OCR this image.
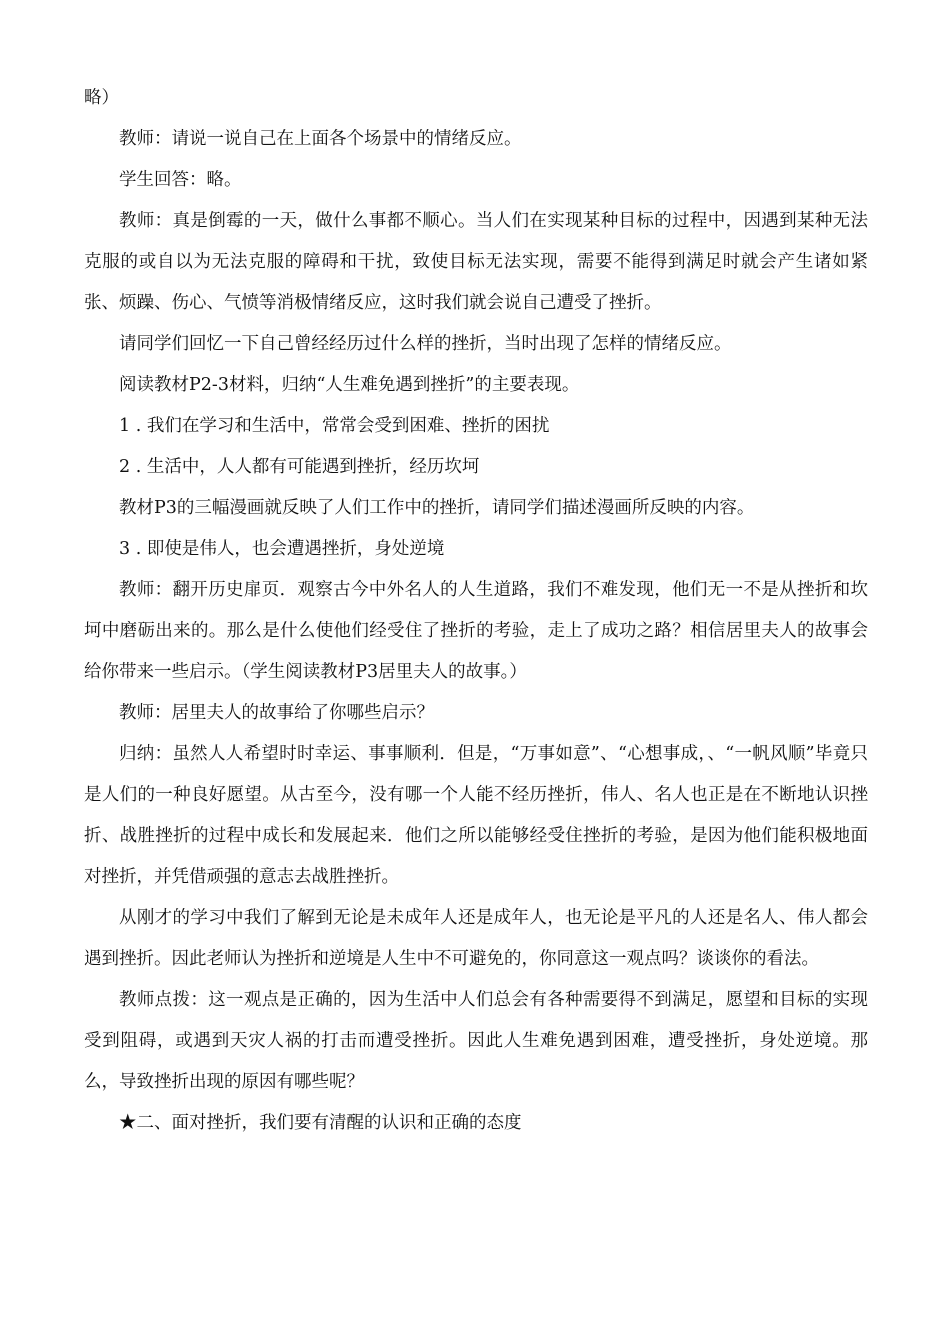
略）

教师：请说一说自己在上面各个场景中的情绪反应。

学生回答：略。

教师：真是倒霉的一天，做什么事都不顺心。当人们在实现某种目标的过程中，因遇到某种无法克服的或自以为无法克服的障碍和干扰，致使目标无法实现，需要不能得到满足时就会产生诸如紧张、烦躁、伤心、气愤等消极情绪反应，这时我们就会说自己遭受了挫折。

请同学们回忆一下自己曾经经历过什么样的挫折，当时出现了怎样的情绪反应。

阅读教材P2-3材料，归纳“人生难免遇到挫折”的主要表现。

1 . 我们在学习和生活中，常常会受到困难、挫折的困扰

2 . 生活中，人人都有可能遇到挫折，经历坎坷

教材P3的三幅漫画就反映了人们工作中的挫折，请同学们描述漫画所反映的内容。

3 . 即使是伟人，也会遭遇挫折，身处逆境

教师：翻开历史扉页．观察古今中外名人的人生道路，我们不难发现，他们无一不是从挫折和坎坷中磨砺出来的。那么是什么使他们经受住了挫折的考验，走上了成功之路？相信居里夫人的故事会给你带来一些启示。（学生阅读教材P3居里夫人的故事。）

教师：居里夫人的故事给了你哪些启示？

归纳：虽然人人希望时时幸运、事事顺利．但是，“万事如意”、“心想事成，、“一帆风顺”毕竟只是人们的一种良好愿望。从古至今，没有哪一个人能不经历挫折，伟人、名人也正是在不断地认识挫折、战胜挫折的过程中成长和发展起来．他们之所以能够经受住挫折的考验，是因为他们能积极地面对挫折，并凭借顽强的意志去战胜挫折。

从刚才的学习中我们了解到无论是未成年人还是成年人，也无论是平凡的人还是名人、伟人都会遇到挫折。因此老师认为挫折和逆境是人生中不可避免的，你同意这一观点吗？谈谈你的看法。

教师点拨：这一观点是正确的，因为生活中人们总会有各种需要得不到满足，愿望和目标的实现受到阻碍，或遇到天灾人祸的打击而遭受挫折。因此人生难免遇到困难，遭受挫折，身处逆境。那么，导致挫折出现的原因有哪些呢？

★二、面对挫折，我们要有清醒的认识和正确的态度
